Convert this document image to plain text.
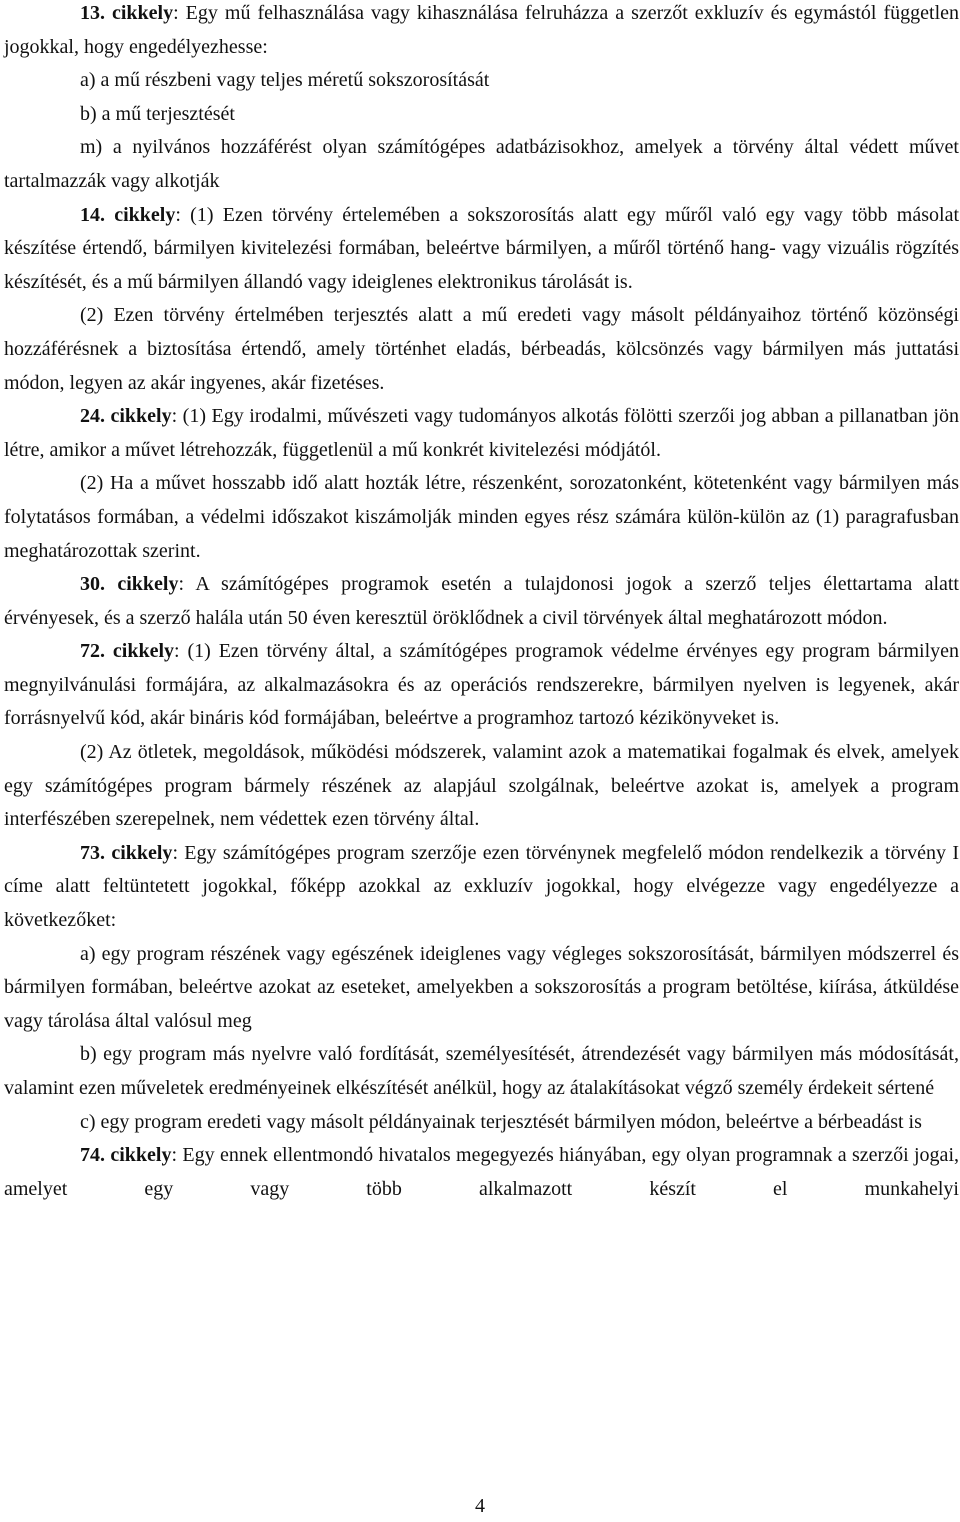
13. cikkely: Egy mű felhasználása vagy kihasználása felruházza a szerzőt exkluzív és egymástól független jogokkal, hogy engedélyezhesse:

a) a mű részbeni vagy teljes méretű sokszorosítását

b) a mű terjesztését

m) a nyilvános hozzáférést olyan számítógépes adatbázisokhoz, amelyek a törvény által védett művet tartalmazzák vagy alkotják

14. cikkely: (1) Ezen törvény értelemében a sokszorosítás alatt egy műről való egy vagy több másolat készítése értendő, bármilyen kivitelezési formában, beleértve bármilyen, a műről történő hang- vagy vizuális rögzítés készítését, és a mű bármilyen állandó vagy ideiglenes elektronikus tárolását is.

(2) Ezen törvény értelmében terjesztés alatt a mű eredeti vagy másolt példányaihoz történő közönségi hozzáférésnek a biztosítása értendő, amely történhet eladás, bérbeadás, kölcsönzés vagy bármilyen más juttatási módon, legyen az akár ingyenes, akár fizetéses.

24. cikkely: (1) Egy irodalmi, művészeti vagy tudományos alkotás fölötti szerzői jog abban a pillanatban jön létre, amikor a művet létrehozzák, függetlenül a mű konkrét kivitelezési módjától.

(2) Ha a művet hosszabb idő alatt hozták létre, részenként, sorozatonként, kötetenként vagy bármilyen más folytatásos formában, a védelmi időszakot kiszámolják minden egyes rész számára külön-külön az (1) paragrafusban meghatározottak szerint.

30. cikkely: A számítógépes programok esetén a tulajdonosi jogok a szerző teljes élettartama alatt érvényesek, és a szerző halála után 50 éven keresztül öröklődnek a civil törvények által meghatározott módon.

72. cikkely: (1) Ezen törvény által, a számítógépes programok védelme érvényes egy program bármilyen megnyilvánulási formájára, az alkalmazásokra és az operációs rendszerekre, bármilyen nyelven is legyenek, akár forrásnyelvű kód, akár bináris kód formájában, beleértve a programhoz tartozó kézikönyveket is.

(2) Az ötletek, megoldások, működési módszerek, valamint azok a matematikai fogalmak és elvek, amelyek egy számítógépes program bármely részének az alapjául szolgálnak, beleértve azokat is, amelyek a program interfészében szerepelnek, nem védettek ezen törvény által.

73. cikkely: Egy számítógépes program szerzője ezen törvénynek megfelelő módon rendelkezik a törvény I címe alatt feltüntetett jogokkal, főképp azokkal az exkluzív jogokkal, hogy elvégezze vagy engedélyezze a következőket:

a) egy program részének vagy egészének ideiglenes vagy végleges sokszorosítását, bármilyen módszerrel és bármilyen formában, beleértve azokat az eseteket, amelyekben a sokszorosítás a program betöltése, kiírása, átküldése vagy tárolása által valósul meg

b) egy program más nyelvre való fordítását, személyesítését, átrendezését vagy bármilyen más módosítását, valamint ezen műveletek eredményeinek elkészítését anélkül, hogy az átalakításokat végző személy érdekeit sértené

c) egy program eredeti vagy másolt példányainak terjesztését bármilyen módon, beleértve a bérbeadást is

74. cikkely: Egy ennek ellentmondó hivatalos megegyezés hiányában, egy olyan programnak a szerzői jogai, amelyet egy vagy több alkalmazott készít el munkahelyi

4
